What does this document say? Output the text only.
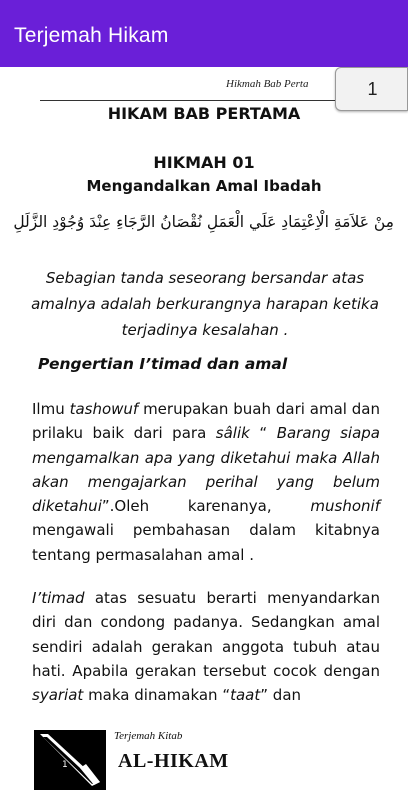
Terjemah Hikam
Hikmah Bab Perta	1
HIKAM BAB PERTAMA
HIKMAH 01
Mengandalkan Amal Ibadah
مِنْ عَلاَمَةِ الْاِعْتِمَادِ عَلَي الْعَمَلِ نُقْصَانُ الرَّجَاءِ عِنْدَ وُجُوْدِ الزَّلَلِ
Sebagian tanda seseorang bersandar atas amalnya adalah berkurangnya harapan ketika terjadinya kesalahan .
Pengertian I’timad dan amal
Ilmu tashowuf merupakan buah dari amal dan prilaku baik dari para sâlik “ Barang siapa mengamalkan apa yang diketahui maka Allah akan mengajarkan perihal yang belum diketahui”.Oleh karenanya, mushonif mengawali pembahasan dalam kitabnya tentang permasalahan amal .
I’timad atas sesuatu berarti menyandarkan diri dan condong padanya. Sedangkan amal sendiri adalah gerakan anggota tubuh atau hati. Apabila gerakan tersebut cocok dengan syariat maka dinamakan “taat” dan
1
Terjemah Kitab
AL-HIKAM
